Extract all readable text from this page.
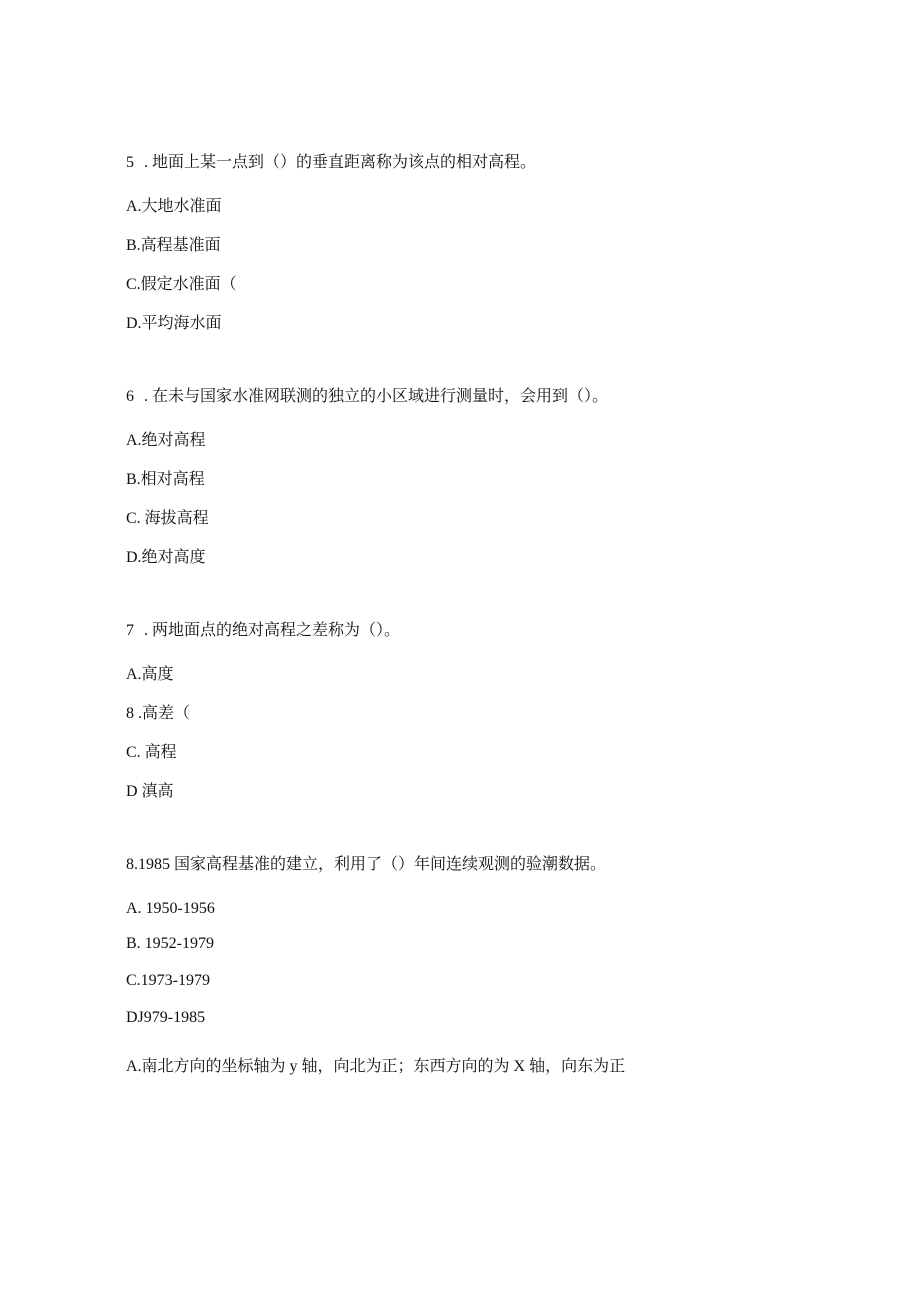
5 . 地面上某一点到（）的垂直距离称为该点的相对高程。
A.大地水准面
B.高程基准面
C.假定水准面（
D.平均海水面
6 . 在未与国家水准网联测的独立的小区域进行测量时，会用到（）。
A.绝对高程
B.相对高程
C. 海拔高程
D.绝对高度
7 . 两地面点的绝对高程之差称为（）。
A.高度
8 .高差（
C. 高程
D 滇高
8.1985 国家高程基准的建立，利用了（）年间连续观测的验潮数据。
A. 1950-1956
B. 1952-1979
C.1973-1979
DJ979-1985
A.南北方向的坐标轴为 y 轴，向北为正；东西方向的为 X 轴，向东为正
